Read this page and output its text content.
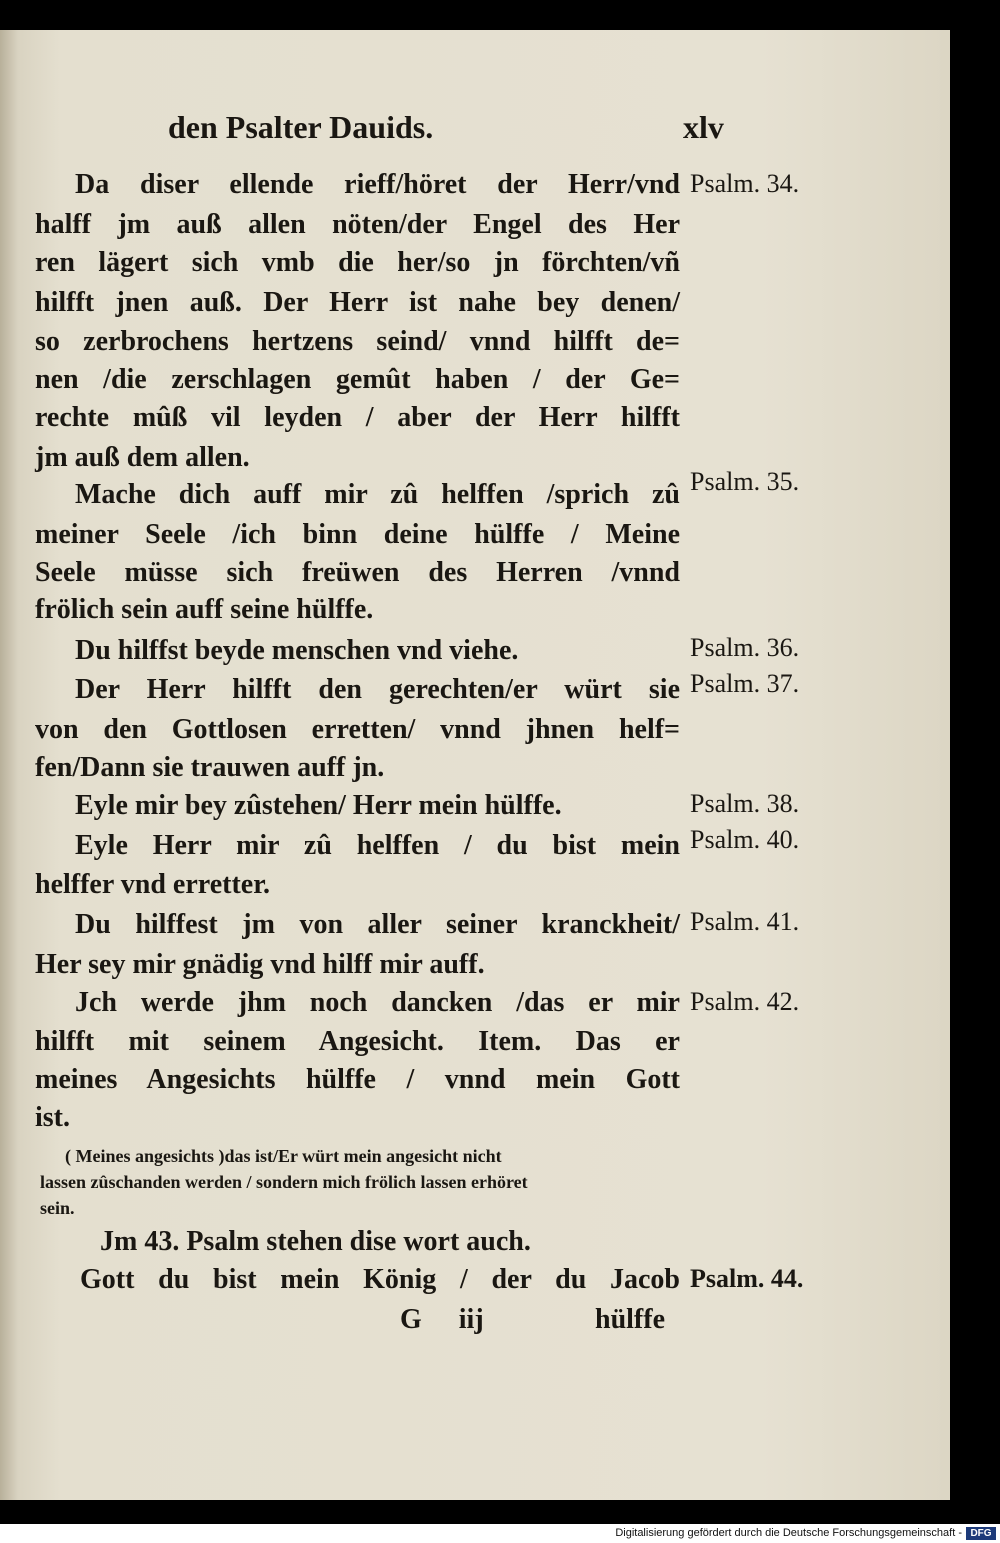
den Psalter Dauids.	xlv
Da diser ellende rieff/höret der Herr/vnd
halff jm auß allen nöten/der Engel des Her
ren lägert sich vmb die her/so jn förchten/vñ
hilfft jnen auß. Der Herr ist nahe bey denen/
so zerbrochens hertzens seind/ vnnd hilfft de=
nen /die zerschlagen gemût haben / der Ge=
rechte mûß vil leyden / aber der Herr hilfft
jm auß dem allen.
Mache dich auff mir zû helffen /sprich zû
meiner Seele /ich binn deine hülffe / Meine
Seele müsse sich freüwen des Herren /vnnd
frölich sein auff seine hülffe.
Du hilffst beyde menschen vnd viehe.
Der Herr hilfft den gerechten/er würt sie
von den Gottlosen erretten/ vnnd jhnen helf=
fen/Dann sie trauwen auff jn.
Eyle mir bey zûstehen/ Herr mein hülffe.
Eyle Herr mir zû helffen / du bist mein
helffer vnd erretter.
Du hilffest jm von aller seiner kranckheit/
Her sey mir gnädig vnd hilff mir auff.
Jch werde jhm noch dancken /das er mir
hilfft mit seinem Angesicht. Item. Das er
meines Angesichts hülffe / vnnd mein Gott
ist.
( Meines angesichts )das ist/Er würt mein angesicht nicht
lassen zûschanden werden / sondern mich frölich lassen erhöret
sein.
Jm 43. Psalm stehen dise wort auch.
Gott du bist mein König / der du Jacob
Psalm. 34.
Psalm. 35.
Psalm. 36.
Psalm. 37.
Psalm. 38.
Psalm. 40.
Psalm. 41.
Psalm. 42.
Psalm. 44.
G iij	hülffe
Digitalisierung gefördert durch die Deutsche Forschungsgemeinschaft - DFG
